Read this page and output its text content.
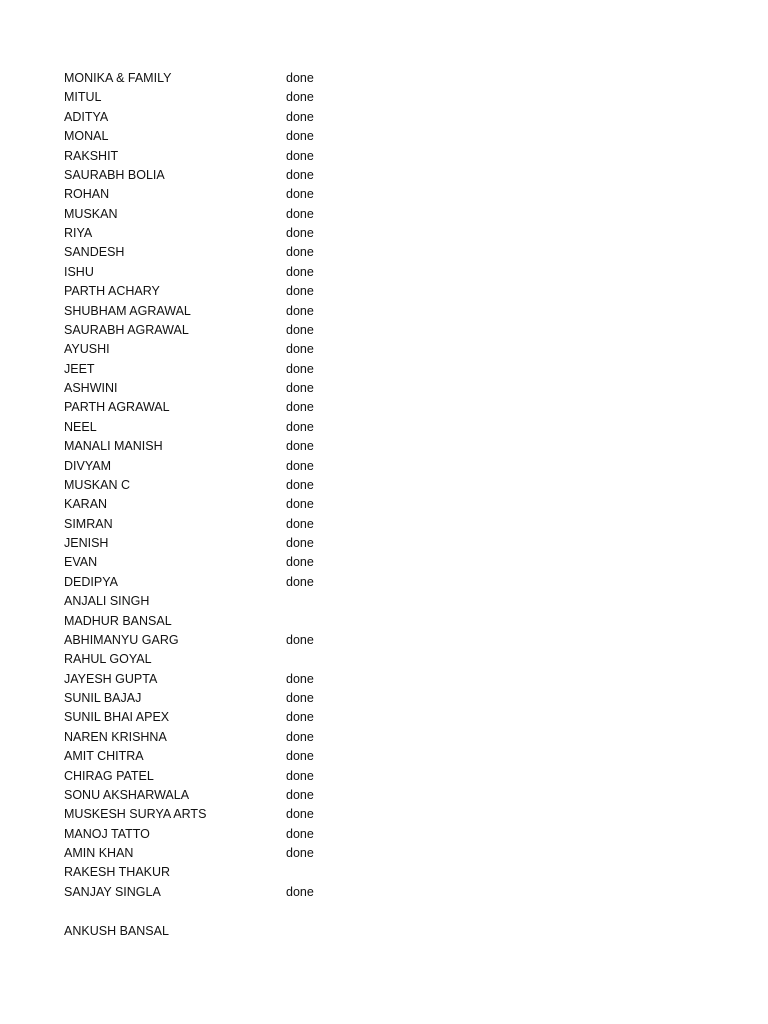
MONIKA & FAMILY	done
MITUL	done
ADITYA	done
MONAL	done
RAKSHIT	done
SAURABH BOLIA	done
ROHAN	done
MUSKAN	done
RIYA	done
SANDESH	done
ISHU	done
PARTH ACHARY	done
SHUBHAM AGRAWAL	done
SAURABH AGRAWAL	done
AYUSHI	done
JEET	done
ASHWINI	done
PARTH AGRAWAL	done
NEEL	done
MANALI MANISH	done
DIVYAM	done
MUSKAN C	done
KARAN	done
SIMRAN	done
JENISH	done
EVAN	done
DEDIPYA	done
ANJALI SINGH
MADHUR BANSAL
ABHIMANYU GARG	done
RAHUL GOYAL
JAYESH GUPTA	done
SUNIL BAJAJ	done
SUNIL BHAI APEX	done
NAREN KRISHNA	done
AMIT CHITRA	done
CHIRAG PATEL	done
SONU AKSHARWALA	done
MUSKESH SURYA ARTS	done
MANOJ TATTO	done
AMIN KHAN	done
RAKESH THAKUR
SANJAY SINGLA	done
ANKUSH BANSAL
